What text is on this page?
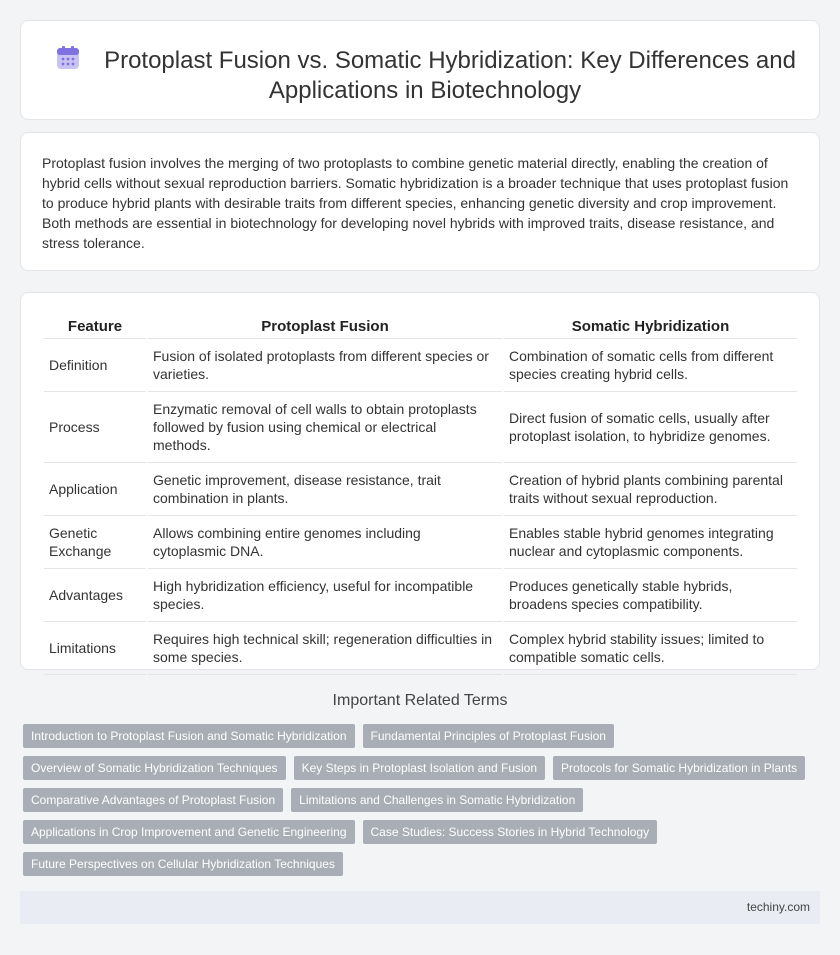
Protoplast Fusion vs. Somatic Hybridization: Key Differences and Applications in Biotechnology

Protoplast fusion involves the merging of two protoplasts to combine genetic material directly, enabling the creation of hybrid cells without sexual reproduction barriers. Somatic hybridization is a broader technique that uses protoplast fusion to produce hybrid plants with desirable traits from different species, enhancing genetic diversity and crop improvement. Both methods are essential in biotechnology for developing novel hybrids with improved traits, disease resistance, and stress tolerance.

Feature	Protoplast Fusion	Somatic Hybridization
Definition	Fusion of isolated protoplasts from different species or varieties.	Combination of somatic cells from different species creating hybrid cells.
Process	Enzymatic removal of cell walls to obtain protoplasts followed by fusion using chemical or electrical methods.	Direct fusion of somatic cells, usually after protoplast isolation, to hybridize genomes.
Application	Genetic improvement, disease resistance, trait combination in plants.	Creation of hybrid plants combining parental traits without sexual reproduction.
Genetic Exchange	Allows combining entire genomes including cytoplasmic DNA.	Enables stable hybrid genomes integrating nuclear and cytoplasmic components.
Advantages	High hybridization efficiency, useful for incompatible species.	Produces genetically stable hybrids, broadens species compatibility.
Limitations	Requires high technical skill; regeneration difficulties in some species.	Complex hybrid stability issues; limited to compatible somatic cells.
Important Related Terms
Introduction to Protoplast Fusion and Somatic Hybridization	Fundamental Principles of Protoplast Fusion
Overview of Somatic Hybridization Techniques	Key Steps in Protoplast Isolation and Fusion	Protocols for Somatic Hybridization in Plants
Comparative Advantages of Protoplast Fusion	Limitations and Challenges in Somatic Hybridization
Applications in Crop Improvement and Genetic Engineering	Case Studies: Success Stories in Hybrid Technology
Future Perspectives on Cellular Hybridization Techniques
techiny.com
